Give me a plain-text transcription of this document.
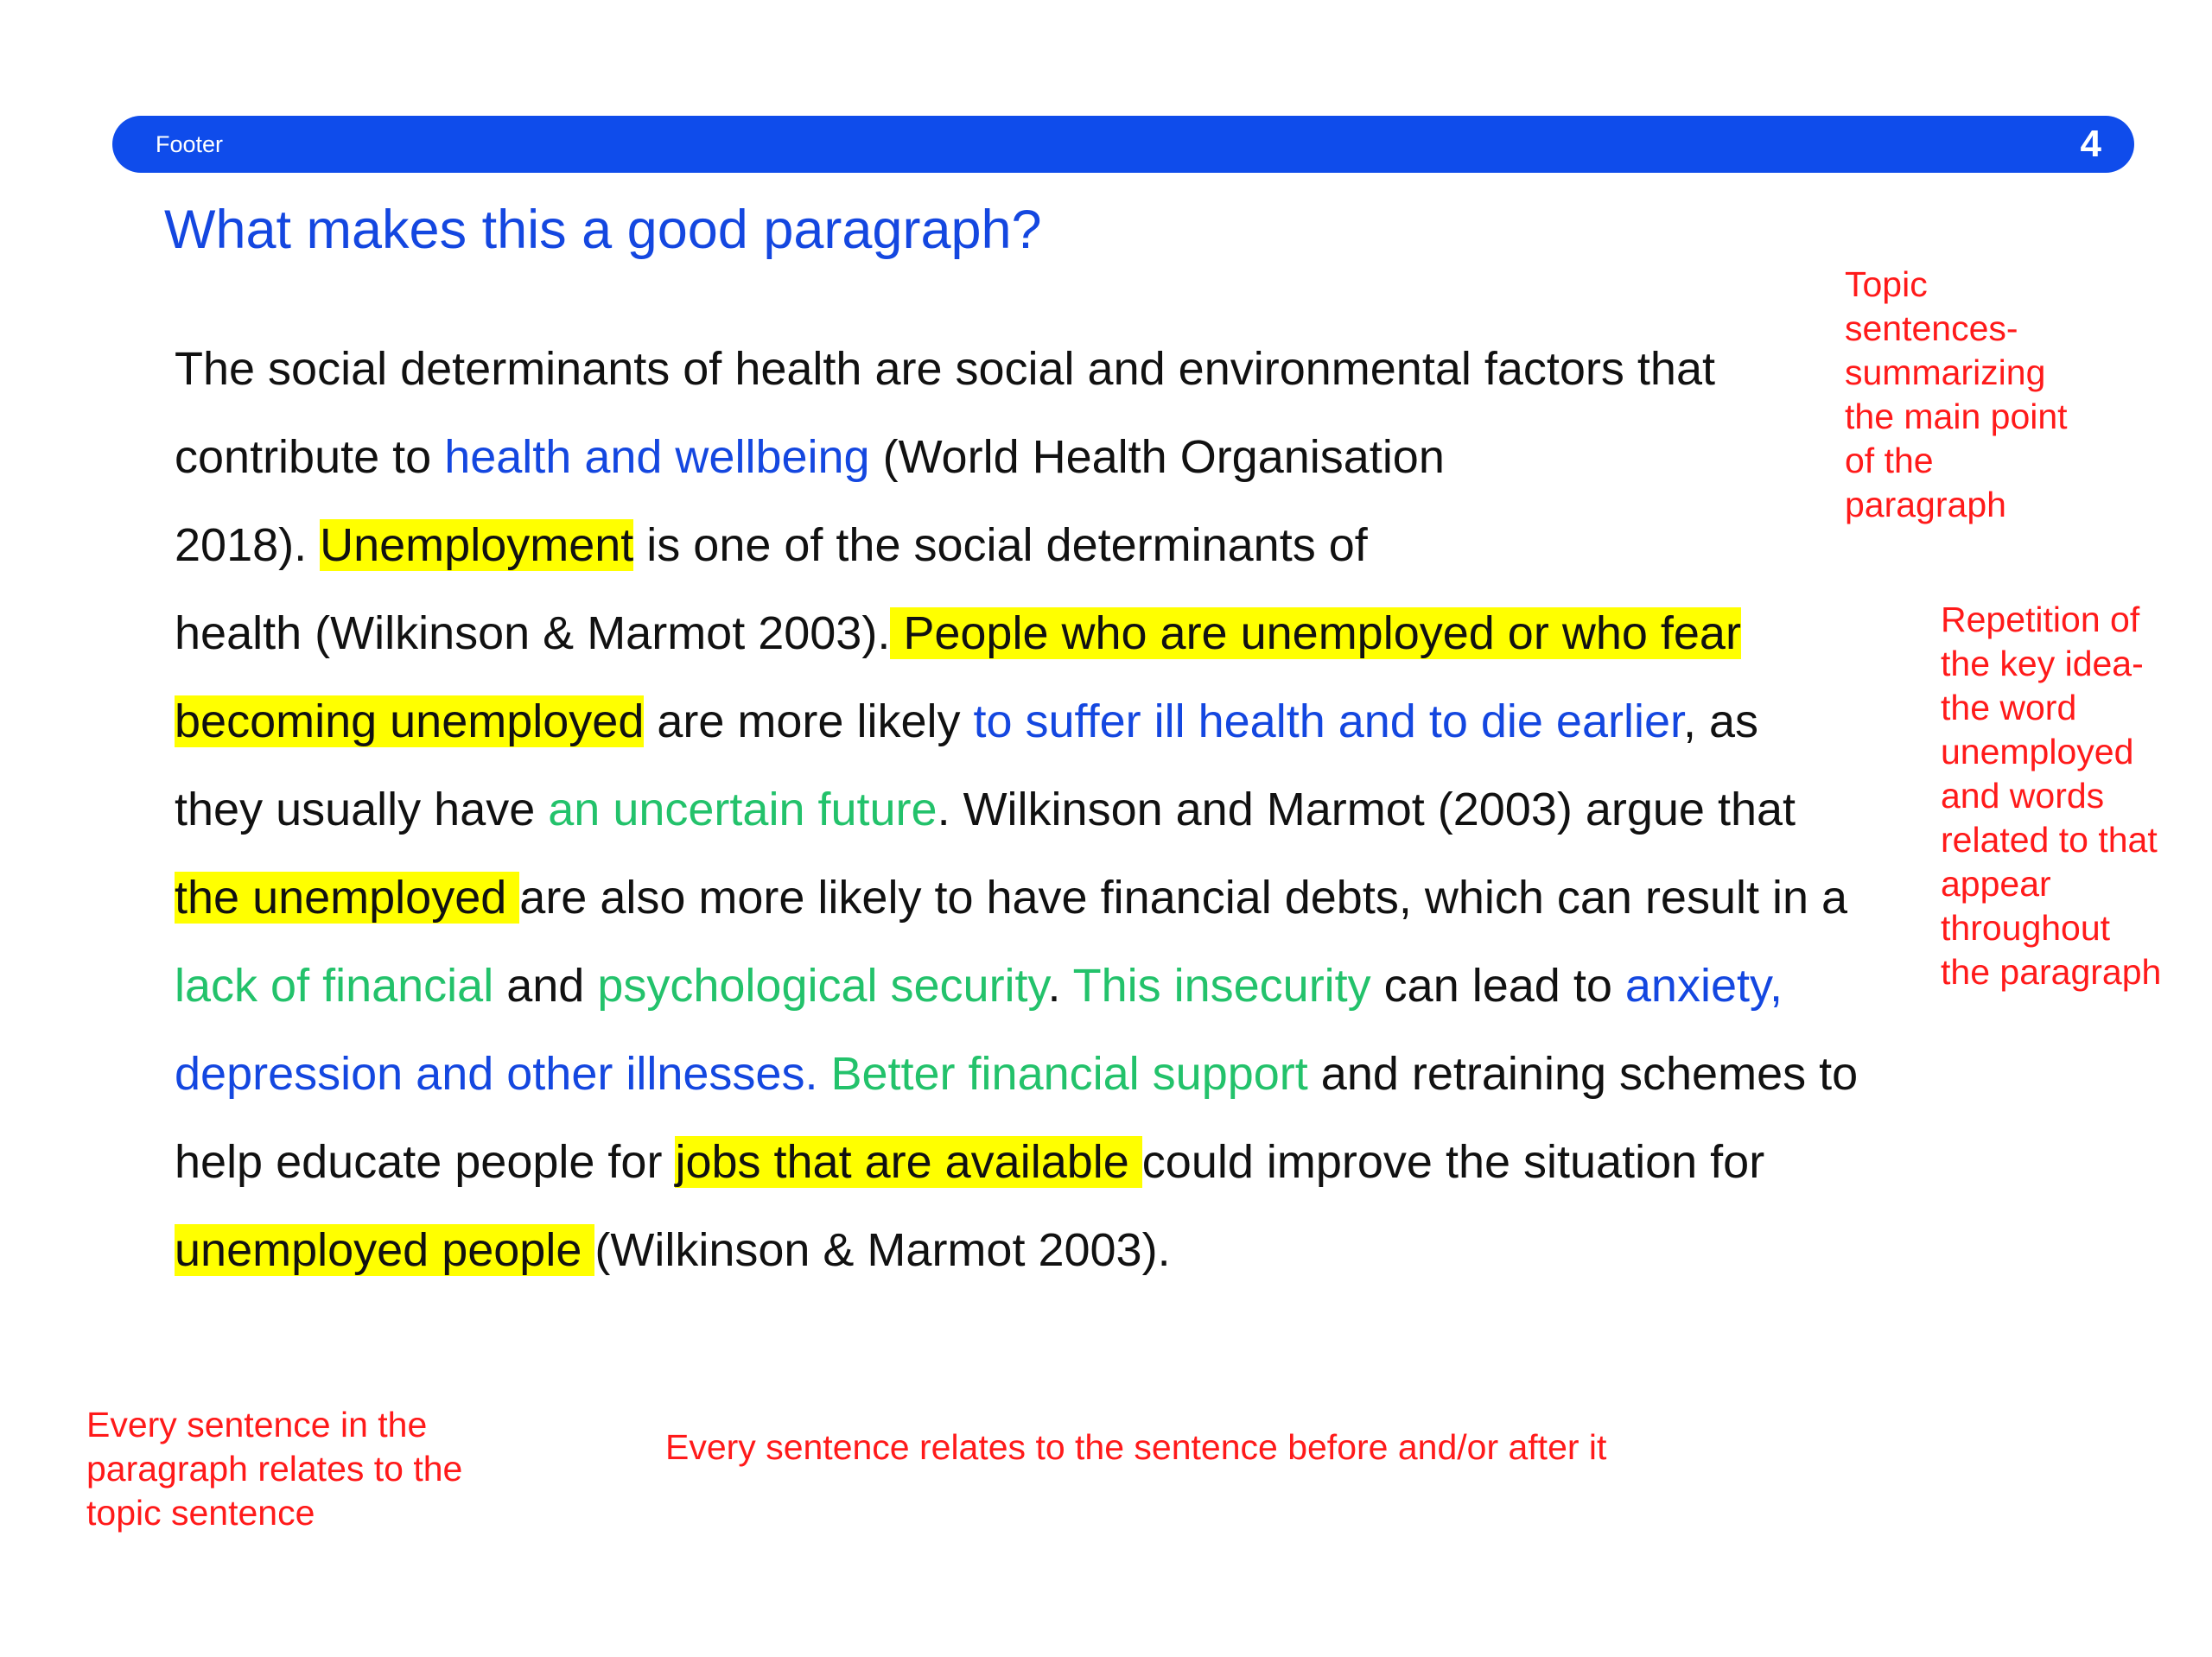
Footer	4
What makes this a good paragraph?
The social determinants of health are social and environmental factors that
contribute to health and wellbeing (World Health Organisation
2018). Unemployment is one of the social determinants of
health (Wilkinson & Marmot 2003). People who are unemployed or who fear
becoming unemployed are more likely to suffer ill health and to die earlier, as
they usually have an uncertain future. Wilkinson and Marmot (2003) argue that
the unemployed are also more likely to have financial debts, which can result in a
lack of financial and psychological security. This insecurity can lead to anxiety,
depression and other illnesses. Better financial support and retraining schemes to
help educate people for jobs that are available could improve the situation for
unemployed people (Wilkinson & Marmot 2003).
Topic
sentences-
summarizing
the main point
of the
paragraph
Repetition of
the key idea-
the word
unemployed
and words
related to that
appear
throughout
the paragraph
Every sentence in the
paragraph relates to the
topic sentence
Every sentence relates to the sentence before and/or after it
